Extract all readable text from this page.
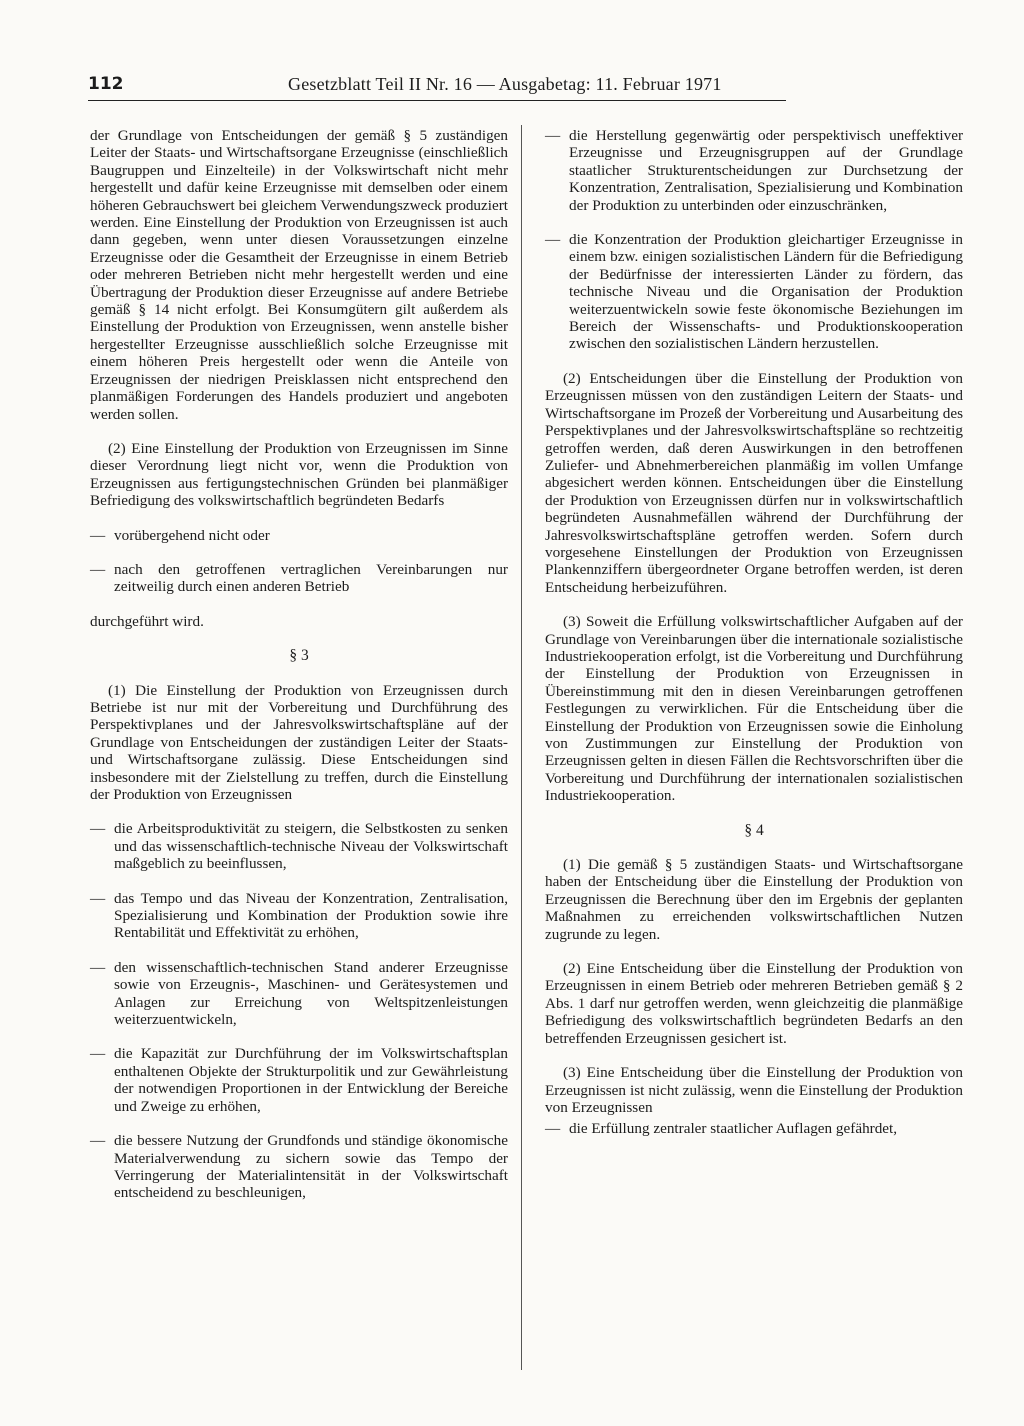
112	Gesetzblatt Teil II Nr. 16 — Ausgabetag: 11. Februar 1971

der Grundlage von Entscheidungen der gemäß § 5 zuständigen Leiter der Staats- und Wirtschaftsorgane Erzeugnisse (einschließlich Baugruppen und Einzelteile) in der Volkswirtschaft nicht mehr hergestellt und dafür keine Erzeugnisse mit demselben oder einem höheren Gebrauchswert bei gleichem Verwendungszweck produziert werden. Eine Einstellung der Produktion von Erzeugnissen ist auch dann gegeben, wenn unter diesen Voraussetzungen einzelne Erzeugnisse oder die Gesamtheit der Erzeugnisse in einem Betrieb oder mehreren Betrieben nicht mehr hergestellt werden und eine Übertragung der Produktion dieser Erzeugnisse auf andere Betriebe gemäß § 14 nicht erfolgt. Bei Konsumgütern gilt außerdem als Einstellung der Produktion von Erzeugnissen, wenn anstelle bisher hergestellter Erzeugnisse ausschließlich solche Erzeugnisse mit einem höheren Preis hergestellt oder wenn die Anteile von Erzeugnissen der niedrigen Preisklassen nicht entsprechend den planmäßigen Forderungen des Handels produziert und angeboten werden sollen.

(2) Eine Einstellung der Produktion von Erzeugnissen im Sinne dieser Verordnung liegt nicht vor, wenn die Produktion von Erzeugnissen aus fertigungstechnischen Gründen bei planmäßiger Befriedigung des volkswirtschaftlich begründeten Bedarfs

— vorübergehend nicht oder
— nach den getroffenen vertraglichen Vereinbarungen nur zeitweilig durch einen anderen Betrieb

durchgeführt wird.

§ 3

(1) Die Einstellung der Produktion von Erzeugnissen durch Betriebe ist nur mit der Vorbereitung und Durchführung des Perspektivplanes und der Jahresvolkswirtschaftspläne auf der Grundlage von Entscheidungen der zuständigen Leiter der Staats- und Wirtschaftsorgane zulässig. Diese Entscheidungen sind insbesondere mit der Zielstellung zu treffen, durch die Einstellung der Produktion von Erzeugnissen

— die Arbeitsproduktivität zu steigern, die Selbstkosten zu senken und das wissenschaftlich-technische Niveau der Volkswirtschaft maßgeblich zu beeinflussen,
— das Tempo und das Niveau der Konzentration, Zentralisation, Spezialisierung und Kombination der Produktion sowie ihre Rentabilität und Effektivität zu erhöhen,
— den wissenschaftlich-technischen Stand anderer Erzeugnisse sowie von Erzeugnis-, Maschinen- und Gerätesystemen und Anlagen zur Erreichung von Weltspitzenleistungen weiterzuentwickeln,
— die Kapazität zur Durchführung der im Volkswirtschaftsplan enthaltenen Objekte der Strukturpolitik und zur Gewährleistung der notwendigen Proportionen in der Entwicklung der Bereiche und Zweige zu erhöhen,
— die bessere Nutzung der Grundfonds und ständige ökonomische Materialverwendung zu sichern sowie das Tempo der Verringerung der Materialintensität in der Volkswirtschaft entscheidend zu beschleunigen,
— die Herstellung gegenwärtig oder perspektivisch uneffektiver Erzeugnisse und Erzeugnisgruppen auf der Grundlage staatlicher Strukturentscheidungen zur Durchsetzung der Konzentration, Zentralisation, Spezialisierung und Kombination der Produktion zu unterbinden oder einzuschränken,
— die Konzentration der Produktion gleichartiger Erzeugnisse in einem bzw. einigen sozialistischen Ländern für die Befriedigung der Bedürfnisse der interessierten Länder zu fördern, das technische Niveau und die Organisation der Produktion weiterzuentwickeln sowie feste ökonomische Beziehungen im Bereich der Wissenschafts- und Produktionskooperation zwischen den sozialistischen Ländern herzustellen.

(2) Entscheidungen über die Einstellung der Produktion von Erzeugnissen müssen von den zuständigen Leitern der Staats- und Wirtschaftsorgane im Prozeß der Vorbereitung und Ausarbeitung des Perspektivplanes und der Jahresvolkswirtschaftspläne so rechtzeitig getroffen werden, daß deren Auswirkungen in den betroffenen Zuliefer- und Abnehmerbereichen planmäßig im vollen Umfange abgesichert werden können. Entscheidungen über die Einstellung der Produktion von Erzeugnissen dürfen nur in volkswirtschaftlich begründeten Ausnahmefällen während der Durchführung der Jahresvolkswirtschaftspläne getroffen werden. Sofern durch vorgesehene Einstellungen der Produktion von Erzeugnissen Plankennziffern übergeordneter Organe betroffen werden, ist deren Entscheidung herbeizuführen.

(3) Soweit die Erfüllung volkswirtschaftlicher Aufgaben auf der Grundlage von Vereinbarungen über die internationale sozialistische Industriekooperation erfolgt, ist die Vorbereitung und Durchführung der Einstellung der Produktion von Erzeugnissen in Übereinstimmung mit den in diesen Vereinbarungen getroffenen Festlegungen zu verwirklichen. Für die Entscheidung über die Einstellung der Produktion von Erzeugnissen sowie die Einholung von Zustimmungen zur Einstellung der Produktion von Erzeugnissen gelten in diesen Fällen die Rechtsvorschriften über die Vorbereitung und Durchführung der internationalen sozialistischen Industriekooperation.

§ 4

(1) Die gemäß § 5 zuständigen Staats- und Wirtschaftsorgane haben der Entscheidung über die Einstellung der Produktion von Erzeugnissen die Berechnung über den im Ergebnis der geplanten Maßnahmen zu erreichenden volkswirtschaftlichen Nutzen zugrunde zu legen.

(2) Eine Entscheidung über die Einstellung der Produktion von Erzeugnissen in einem Betrieb oder mehreren Betrieben gemäß § 2 Abs. 1 darf nur getroffen werden, wenn gleichzeitig die planmäßige Befriedigung des volkswirtschaftlich begründeten Bedarfs an den betreffenden Erzeugnissen gesichert ist.

(3) Eine Entscheidung über die Einstellung der Produktion von Erzeugnissen ist nicht zulässig, wenn die Einstellung der Produktion von Erzeugnissen

— die Erfüllung zentraler staatlicher Auflagen gefährdet,
